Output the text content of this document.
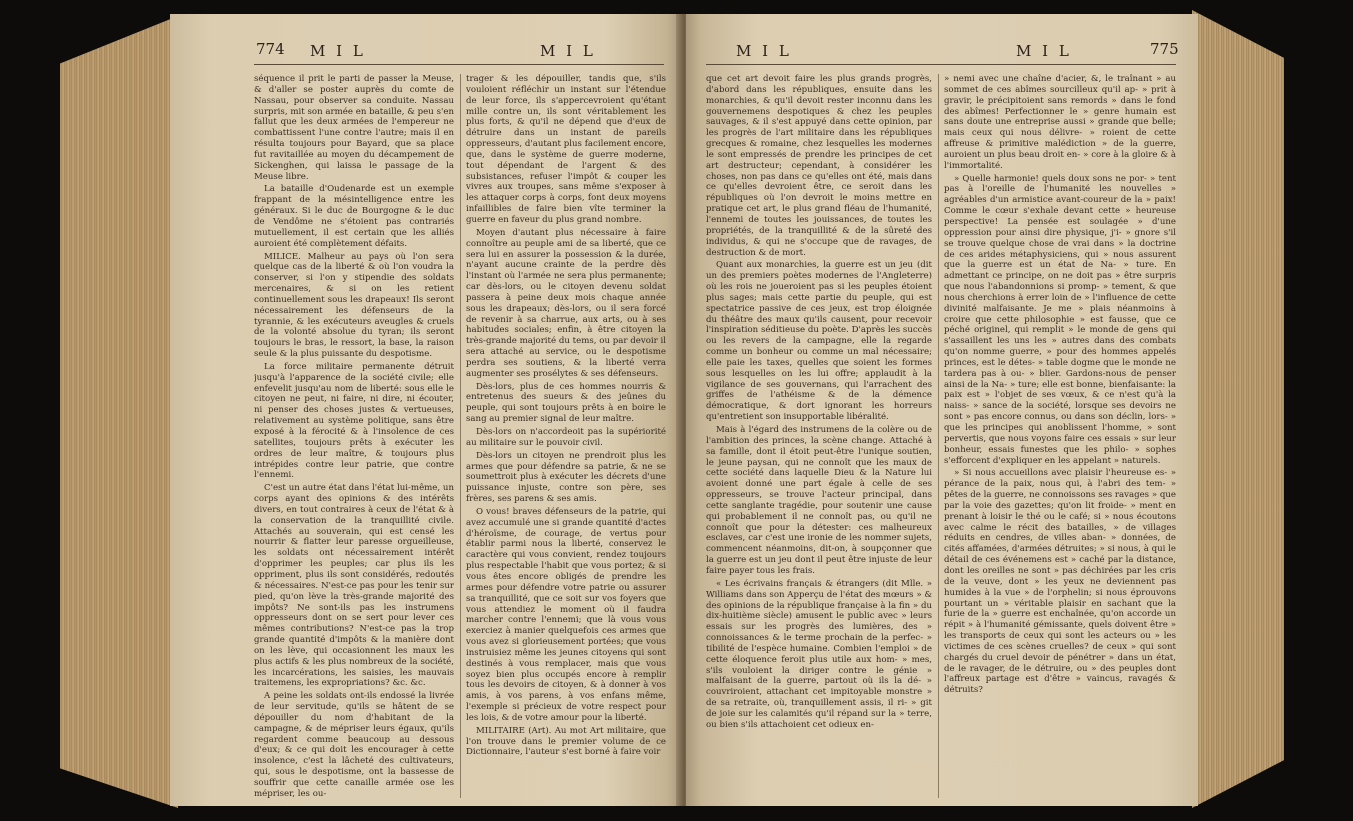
774 M I L	M I L

séquence il prit le parti de passer la Meuse, & d'aller se poster auprès du comte de Nassau, pour observer sa conduite. Nassau surpris, mit son armée en bataille, & peu s'en fallut que les deux armées de l'empereur ne combattissent l'une contre l'autre; mais il en résulta toujours pour Bayard, que sa place fut ravitaillée au moyen du décampement de Sickenghen, qui laissa le passage de la Meuse libre.

La bataille d'Oudenarde est un exemple frappant de la mésintelligence entre les généraux. Si le duc de Bourgogne & le duc de Vendôme ne s'étoient pas contrariés mutuellement, il est certain que les alliés auroient été complètement défaits.

MILICE. Malheur au pays où l'on sera quelque cas de la liberté & où l'on voudra la conserver, si l'on y stipendie des soldats mercenaires, & si on les retient continuellement sous les drapeaux! Ils seront nécessairement les défenseurs de la tyrannie, & les exécuteurs aveugles & cruels de la volonté absolue du tyran; ils seront toujours le bras, le ressort, la base, la raison seule & la plus puissante du despotisme.

La force militaire permanente détruit jusqu'à l'apparence de la société civile; elle enfevelit jusqu'au nom de liberté: sous elle le citoyen ne peut, ni faire, ni dire, ni écouter, ni penser des choses justes & vertueuses, relativement au système politique, sans être exposé à la férocité & à l'insolence de ces satellites, toujours prêts à exécuter les ordres de leur maître, & toujours plus intrépides contre leur patrie, que contre l'ennemi.

C'est un autre état dans l'état lui-même, un corps ayant des opinions & des intérêts divers, en tout contraires à ceux de l'état & à la conservation de la tranquillité civile. Attachés au souverain, qui est censé les nourrir & flatter leur paresse orgueilleuse, les soldats ont nécessairement intérêt d'opprimer les peuples; car plus ils les oppriment, plus ils sont considérés, redoutés & nécessaires. N'est-ce pas pour les tenir sur pied, qu'on lève la très-grande majorité des impôts? Ne sont-ils pas les instrumens oppresseurs dont on se sert pour lever ces mêmes contributions? N'est-ce pas la trop grande quantité d'impôts & la manière dont on les lève, qui occasionnent les maux les plus actifs & les plus nombreux de la société, les incarcérations, les saisies, les mauvais traitemens, les expropriations? &c. &c.

A peine les soldats ont-ils endossé la livrée de leur servitude, qu'ils se hâtent de se dépouiller du nom d'habitant de la campagne, & de mépriser leurs égaux, qu'ils regardent comme beaucoup au dessous d'eux; & ce qui doit les encourager à cette insolence, c'est la lâcheté des cultivateurs, qui, sous le despotisme, ont la bassesse de souffrir que cette canaille armée ose les mépriser, les ou-

trager & les dépouiller, tandis que, s'ils vouloient réfléchir un instant sur l'étendue de leur force, ils s'appercevroient qu'étant mille contre un, ils sont véritablement les plus forts, & qu'il ne dépend que d'eux de détruire dans un instant de pareils oppresseurs, d'autant plus facilement encore, que, dans le système de guerre moderne, tout dépendant de l'argent & des subsistances, refuser l'impôt & couper les vivres aux troupes, sans même s'exposer à les attaquer corps à corps, font deux moyens infaillibles de faire bien vîte terminer la guerre en faveur du plus grand nombre.

Moyen d'autant plus nécessaire à faire connoître au peuple ami de sa liberté, que ce sera lui en assurer la possession & la durée, n'ayant aucune crainte de la perdre dès l'instant où l'armée ne sera plus permanente; car dès-lors, ou le citoyen devenu soldat passera à peine deux mois chaque année sous les drapeaux; dès-lors, ou il sera forcé de revenir à sa charrue, aux arts, ou à ses habitudes sociales; enfin, à être citoyen la très-grande majorité du tems, ou par devoir il sera attaché au service, ou le despotisme perdra ses soutiens, & la liberté verra augmenter ses prosélytes & ses défenseurs.

Dès-lors, plus de ces hommes nourris & entretenus des sueurs & des jeûnes du peuple, qui sont toujours prêts à en boire le sang au premier signal de leur maître.

Dès-lors on n'accordeoit pas la supériorité au militaire sur le pouvoir civil.

Dès-lors un citoyen ne prendroit plus les armes que pour défendre sa patrie, & ne se soumettroit plus à exécuter les décrets d'une puissance injuste, contre son père, ses frères, ses parens & ses amis.

O vous! braves défenseurs de la patrie, qui avez accumulé une si grande quantité d'actes d'héroïsme, de courage, de vertus pour établir parmi nous la liberté, conservez le caractère qui vous convient, rendez toujours plus respectable l'habit que vous portez; & si vous êtes encore obligés de prendre les armes pour défendre votre patrie ou assurer sa tranquillité, que ce soit sur vos foyers que vous attendiez le moment où il faudra marcher contre l'ennemi; que là vous vous exerciez à manier quelquefois ces armes que vous avez si glorieusement portées; que vous instruisiez même les jeunes citoyens qui sont destinés à vous remplacer, mais que vous soyez bien plus occupés encore à remplir tous les devoirs de citoyen, & à donner à vos amis, à vos parens, à vos enfans même, l'exemple si précieux de votre respect pour les lois, & de votre amour pour la liberté.

MILITAIRE (Art). Au mot Art militaire, que l'on trouve dans le premier volume de ce Dictionnaire, l'auteur s'est borné à faire voir

M I L	M I L	775

que cet art devoit faire les plus grands progrès, d'abord dans les républiques, ensuite dans les monarchies, & qu'il devoit rester inconnu dans les gouvernemens despotiques & chez les peuples sauvages, & il s'est appuyé dans cette opinion, par les progrès de l'art militaire dans les républiques grecques & romaine, chez lesquelles les modernes le sont empressés de prendre les principes de cet art destructeur; cependant, à considérer les choses, non pas dans ce qu'elles ont été, mais dans ce qu'elles devroient être, ce seroit dans les républiques où l'on devroit le moins mettre en pratique cet art, le plus grand fléau de l'humanité, l'ennemi de toutes les jouissances, de toutes les propriétés, de la tranquillité & de la sûreté des individus, & qui ne s'occupe que de ravages, de destruction & de mort.

Quant aux monarchies, la guerre est un jeu (dit un des premiers poètes modernes de l'Angleterre) où les rois ne joueroient pas si les peuples étoient plus sages; mais cette partie du peuple, qui est spectatrice passive de ces jeux, est trop éloignée du théâtre des maux qu'ils causent, pour recevoir l'inspiration séditieuse du poète. D'après les succès ou les revers de la campagne, elle la regarde comme un bonheur ou comme un mal nécessaire; elle paie les taxes, quelles que soient les formes sous lesquelles on les lui offre; applaudit à la vigilance de ses gouvernans, qui l'arrachent des griffes de l'athéisme & de la démence démocratique, & dort ignorant les horreurs qu'entretient son insupportable libéralité.

Mais à l'égard des instrumens de la colère ou de l'ambition des princes, la scène change. Attaché à sa famille, dont il étoit peut-être l'unique soutien, le jeune paysan, qui ne connoît que les maux de cette société dans laquelle Dieu & la Nature lui avoient donné une part égale à celle de ses oppresseurs, se trouve l'acteur principal, dans cette sanglante tragédie, pour soutenir une cause qui probablement il ne connoît pas, ou qu'il ne connoît que pour la détester: ces malheureux esclaves, car c'est une ironie de les nommer sujets, commencent néanmoins, dit-on, à soupçonner que la guerre est un jeu dont il peut être injuste de leur faire payer tous les frais.

« Les écrivains français & étrangers (dit Mlle. » Williams dans son Apperçu de l'état des mœurs » & des opinions de la république française à la fin » du dix-huitième siècle) amusent le public avec » leurs essais sur les progrès des lumières, des » connoissances & le terme prochain de la perfec- » tibilité de l'espèce humaine. Combien l'emploi » de cette éloquence feroit plus utile aux hom- » mes, s'ils vouloient la diriger contre le génie » malfaisant de la guerre, partout où ils la dé- » couvriroient, attachant cet impitoyable monstre » de sa retraite, où, tranquillement assis, il ri- » git de joie sur les calamités qu'il répand sur la » terre, ou bien s'ils attachoient cet odieux en-

» nemi avec une chaîne d'acier, &, le traînant » au sommet de ces abîmes sourcilleux qu'il ap- » prit à gravir, le précipitoient sans remords » dans le fond des abîmes! Perfectionner le » genre humain est sans doute une entreprise aussi » grande que belle; mais ceux qui nous délivre- » roient de cette affreuse & primitive malédiction » de la guerre, auroient un plus beau droit en- » core à la gloire & à l'immortalité.

» Quelle harmonie! quels doux sons ne por- » tent pas à l'oreille de l'humanité les nouvelles » agréables d'un armistice avant-coureur de la » paix! Comme le cœur s'exhale devant cette » heureuse perspective! La pensée est soulagée » d'une oppression pour ainsi dire physique, j'i- » gnore s'il se trouve quelque chose de vrai dans » la doctrine de ces arides métaphysiciens, qui » nous assurent que la guerre est un état de Na- » ture. En admettant ce principe, on ne doit pas » être surpris que nous l'abandonnions si promp- » tement, & que nous cherchions à errer loin de » l'influence de cette divinité malfaisante. Je me » plais néanmoins à croire que cette philosophie » est fausse, que ce péché originel, qui remplit » le monde de gens qui s'assaillent les uns les » autres dans des combats qu'on nomme guerre, » pour des hommes appelés princes, est le détes- » table dogme que le monde ne tardera pas à ou- » blier. Gardons-nous de penser ainsi de la Na- » ture; elle est bonne, bienfaisante: la paix est » l'objet de ses vœux, & ce n'est qu'à la naiss- » sance de la société, lorsque ses devoirs ne sont » pas encore connus, ou dans son déclin, lors- » que les principes qui anoblissent l'homme, » sont pervertis, que nous voyons faire ces essais » sur leur bonheur, essais funestes que les philo- » sophes s'efforcent d'expliquer en les appelant » naturels.

» Si nous accueillons avec plaisir l'heureuse es- » pérance de la paix, nous qui, à l'abri des tem- » pêtes de la guerre, ne connoissons ses ravages » que par la voie des gazettes; qu'on lit froide- » ment en prenant à loisir le thé ou le café; si » nous écoutons avec calme le récit des batailles, » de villages réduits en cendres, de villes aban- » données, de cités affamées, d'armées détruites; » si nous, à qui le détail de ces événemens est » caché par la distance, dont les oreilles ne sont » pas déchirées par les cris de la veuve, dont » les yeux ne deviennent pas humides à la vue » de l'orphelin; si nous éprouvons pourtant un » véritable plaisir en sachant que la furie de la » guerre est enchaînée, qu'on accorde un répit » à l'humanité gémissante, quels doivent être » les transports de ceux qui sont les acteurs ou » les victimes de ces scènes cruelles? de ceux » qui sont chargés du cruel devoir de pénétrer » dans un état, de le ravager, de le détruire, ou » des peuples dont l'affreux partage est d'être » vaincus, ravagés & détruits?
